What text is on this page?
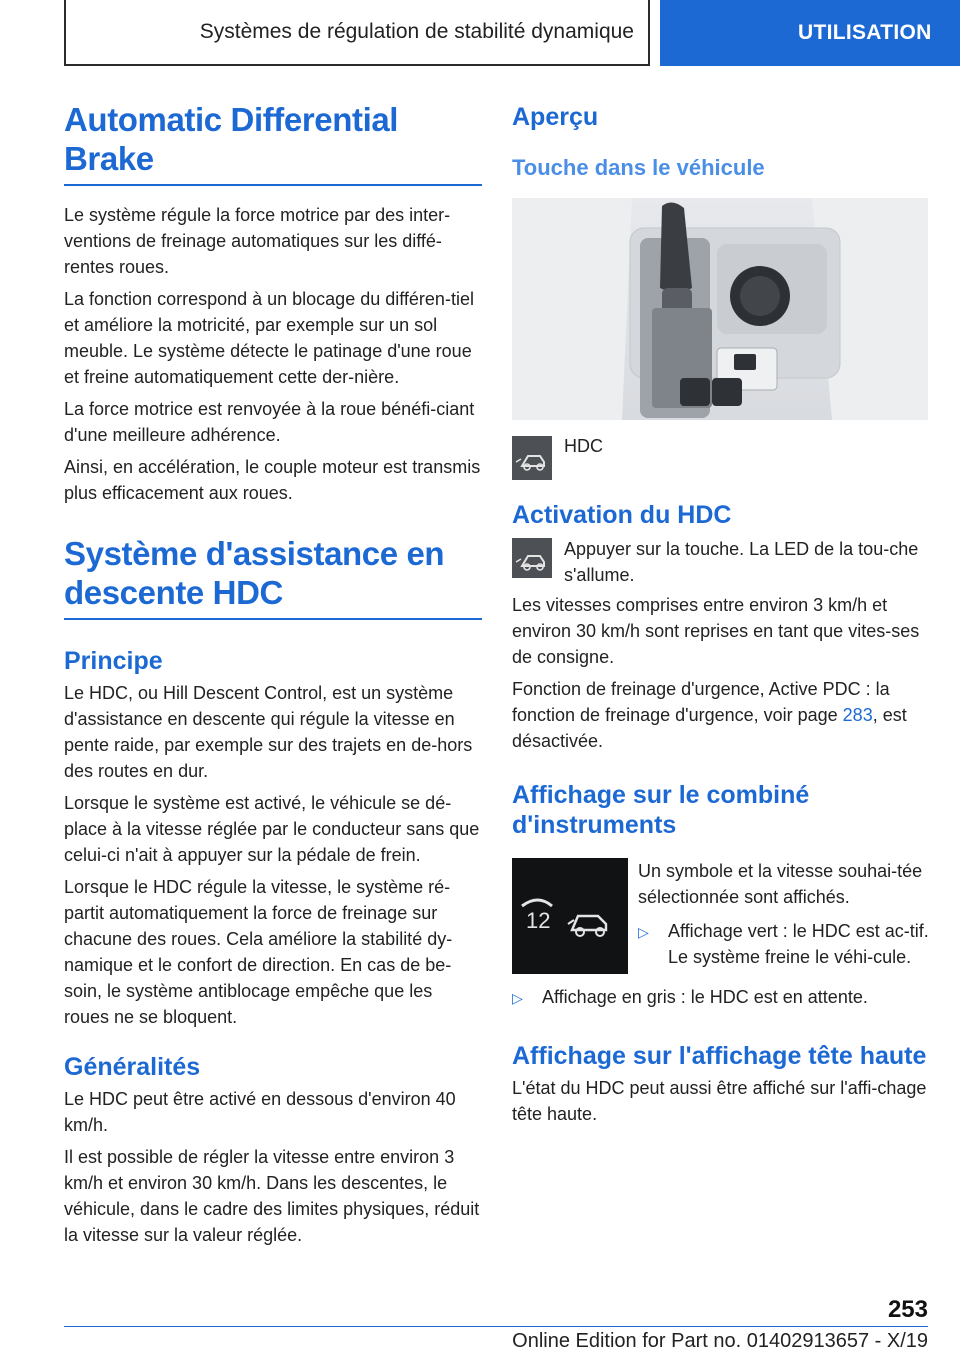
Systèmes de régulation de stabilité dynamique	UTILISATION
Automatic Differential Brake

Le système régule la force motrice par des inter-ventions de freinage automatiques sur les diffé-rentes roues.

La fonction correspond à un blocage du différen-tiel et améliore la motricité, par exemple sur un sol meuble. Le système détecte le patinage d'une roue et freine automatiquement cette der-nière.

La force motrice est renvoyée à la roue bénéfi-ciant d'une meilleure adhérence.

Ainsi, en accélération, le couple moteur est transmis plus efficacement aux roues.

Système d'assistance en descente HDC
Principe

Le HDC, ou Hill Descent Control, est un système d'assistance en descente qui régule la vitesse en pente raide, par exemple sur des trajets en de-hors des routes en dur.

Lorsque le système est activé, le véhicule se dé-place à la vitesse réglée par le conducteur sans que celui-ci n'ait à appuyer sur la pédale de frein.

Lorsque le HDC régule la vitesse, le système ré-partit automatiquement la force de freinage sur chacune des roues. Cela améliore la stabilité dy-namique et le confort de direction. En cas de be-soin, le système antiblocage empêche que les roues ne se bloquent.

Généralités

Le HDC peut être activé en dessous d'environ 40 km/h.

Il est possible de régler la vitesse entre environ 3 km/h et environ 30 km/h. Dans les descentes, le véhicule, dans le cadre des limites physiques, réduit la vitesse sur la valeur réglée.

Aperçu
Touche dans le véhicule
HDC
Activation du HDC

Appuyer sur la touche. La LED de la tou-che s'allume.

Les vitesses comprises entre environ 3 km/h et environ 30 km/h sont reprises en tant que vites-ses de consigne.

Fonction de freinage d'urgence, Active PDC : la fonction de freinage d'urgence, voir page 283, est désactivée.

Affichage sur le combiné d'instruments
12

Un symbole et la vitesse souhai-tée sélectionnée sont affichés.

▷	Affichage vert : le HDC est ac-tif. Le système freine le véhi-cule.
▷	Affichage en gris : le HDC est en attente.
Affichage sur l'affichage tête haute

L'état du HDC peut aussi être affiché sur l'affi-chage tête haute.

253
Online Edition for Part no. 01402913657 - X/19
